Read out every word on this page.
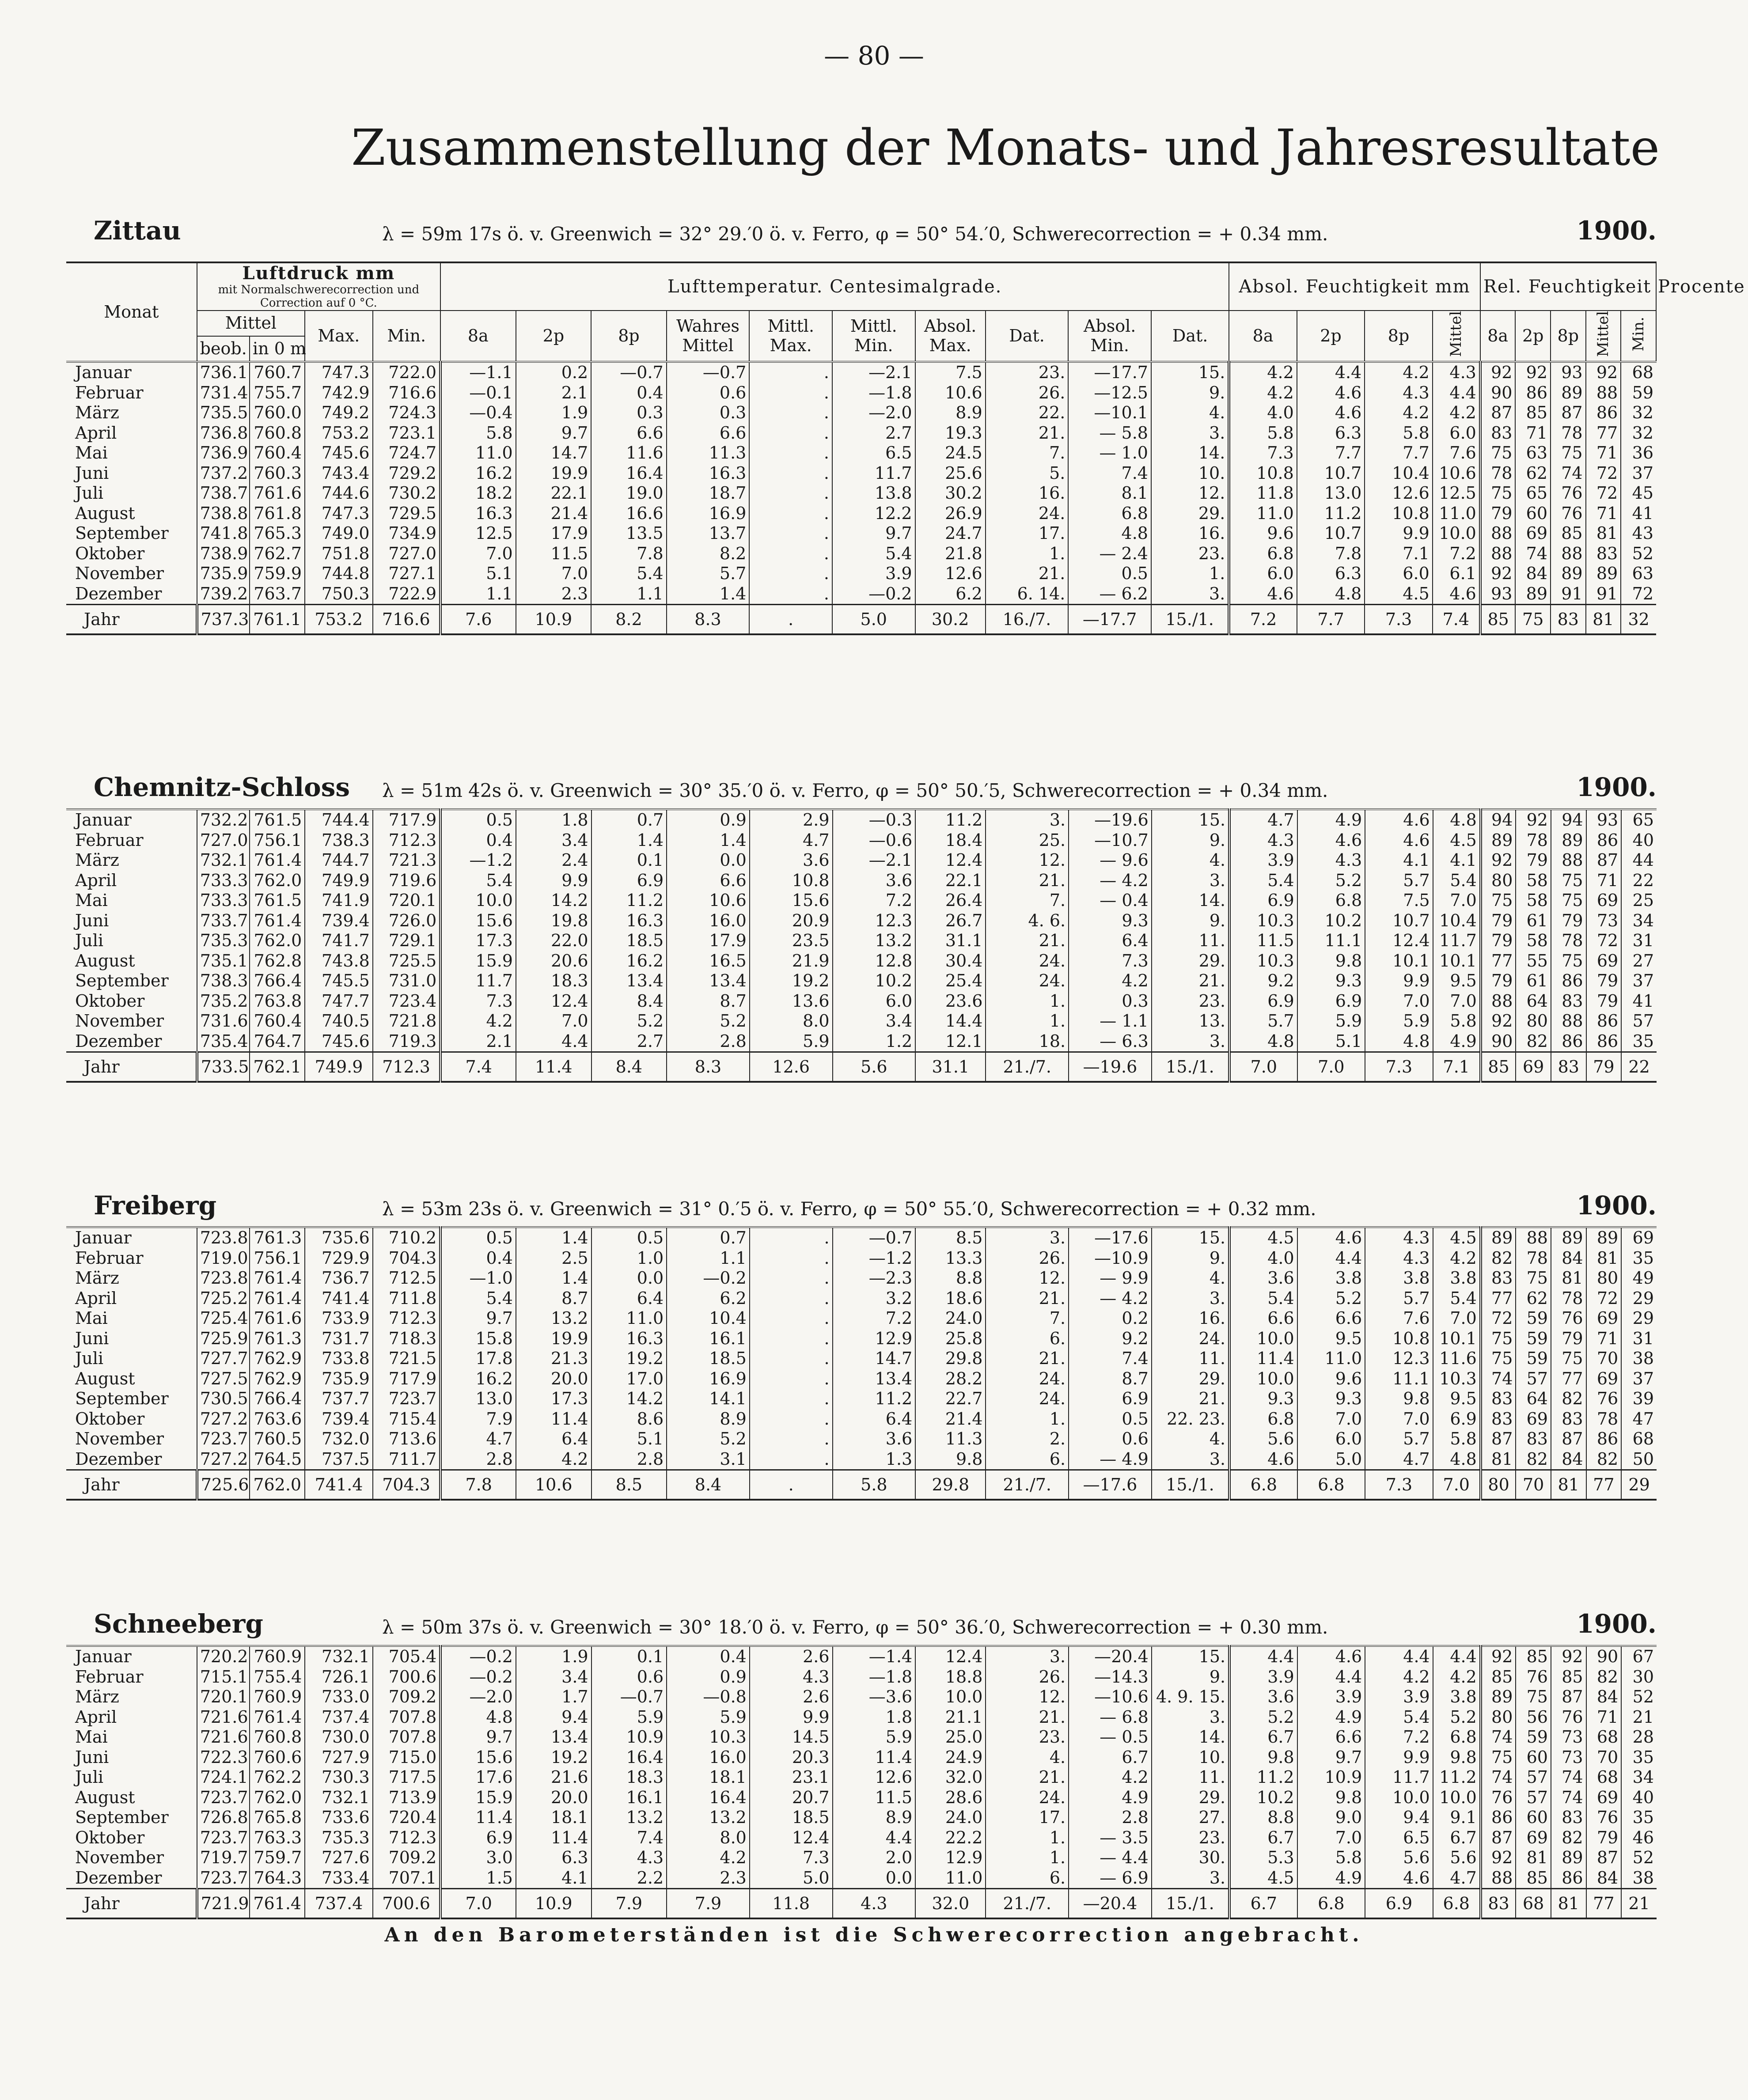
— 80 —
Zusammenstellung der Monats- und Jahresresultate
Zittau	λ = 59m 17s ö. v. Greenwich = 32° 29.′0 ö. v. Ferro, φ = 50° 54.′0, Schwerecorrection = + 0.34 mm.	1900.
Monat	Luftdruck mm
mit Normalschwerecorrection und
Correction auf 0 °C.				Lufttemperatur. Centesimalgrade.										Absol. Feuchtigkeit mm				Rel. Feuchtigkeit Procente				
	Mittel		Max.	Min.	8a	2p	8p	Wahres Mittel	Mittl. Max.	Mittl. Min.	Absol. Max.	Dat.	Absol. Min.	Dat.	8a	2p	8p	Mittel	8a	2p	8p	Mittel	Min.
	beob.	in 0 m																					
Januar	736.1	760.7	747.3	722.0	—1.1	0.2	—0.7	—0.7	.	—2.1	7.5	23.	—17.7	15.	4.2	4.4	4.2	4.3	92	92	93	92	68
Februar	731.4	755.7	742.9	716.6	—0.1	2.1	0.4	0.6	.	—1.8	10.6	26.	—12.5	9.	4.2	4.6	4.3	4.4	90	86	89	88	59
März	735.5	760.0	749.2	724.3	—0.4	1.9	0.3	0.3	.	—2.0	8.9	22.	—10.1	4.	4.0	4.6	4.2	4.2	87	85	87	86	32
April	736.8	760.8	753.2	723.1	5.8	9.7	6.6	6.6	.	2.7	19.3	21.	— 5.8	3.	5.8	6.3	5.8	6.0	83	71	78	77	32
Mai	736.9	760.4	745.6	724.7	11.0	14.7	11.6	11.3	.	6.5	24.5	7.	— 1.0	14.	7.3	7.7	7.7	7.6	75	63	75	71	36
Juni	737.2	760.3	743.4	729.2	16.2	19.9	16.4	16.3	.	11.7	25.6	5.	7.4	10.	10.8	10.7	10.4	10.6	78	62	74	72	37
Juli	738.7	761.6	744.6	730.2	18.2	22.1	19.0	18.7	.	13.8	30.2	16.	8.1	12.	11.8	13.0	12.6	12.5	75	65	76	72	45
August	738.8	761.8	747.3	729.5	16.3	21.4	16.6	16.9	.	12.2	26.9	24.	6.8	29.	11.0	11.2	10.8	11.0	79	60	76	71	41
September	741.8	765.3	749.0	734.9	12.5	17.9	13.5	13.7	.	9.7	24.7	17.	4.8	16.	9.6	10.7	9.9	10.0	88	69	85	81	43
Oktober	738.9	762.7	751.8	727.0	7.0	11.5	7.8	8.2	.	5.4	21.8	1.	— 2.4	23.	6.8	7.8	7.1	7.2	88	74	88	83	52
November	735.9	759.9	744.8	727.1	5.1	7.0	5.4	5.7	.	3.9	12.6	21.	0.5	1.	6.0	6.3	6.0	6.1	92	84	89	89	63
Dezember	739.2	763.7	750.3	722.9	1.1	2.3	1.1	1.4	.	—0.2	6.2	6. 14.	— 6.2	3.	4.6	4.8	4.5	4.6	93	89	91	91	72
Jahr	737.3	761.1	753.2	716.6	7.6	10.9	8.2	8.3	.	5.0	30.2	16./7.	—17.7	15./1.	7.2	7.7	7.3	7.4	85	75	83	81	32
Chemnitz-Schloss λ = 51m 42s ö. v. Greenwich = 30° 35.′0 ö. v. Ferro, φ = 50° 50.′5, Schwerecorrection = + 0.34 mm.	1900.
Januar	732.2	761.5	744.4	717.9	0.5	1.8	0.7	0.9	2.9	—0.3	11.2	3.	—19.6	15.	4.7	4.9	4.6	4.8	94	92	94	93	65
Februar	727.0	756.1	738.3	712.3	0.4	3.4	1.4	1.4	4.7	—0.6	18.4	25.	—10.7	9.	4.3	4.6	4.6	4.5	89	78	89	86	40
März	732.1	761.4	744.7	721.3	—1.2	2.4	0.1	0.0	3.6	—2.1	12.4	12.	— 9.6	4.	3.9	4.3	4.1	4.1	92	79	88	87	44
April	733.3	762.0	749.9	719.6	5.4	9.9	6.9	6.6	10.8	3.6	22.1	21.	— 4.2	3.	5.4	5.2	5.7	5.4	80	58	75	71	22
Mai	733.3	761.5	741.9	720.1	10.0	14.2	11.2	10.6	15.6	7.2	26.4	7.	— 0.4	14.	6.9	6.8	7.5	7.0	75	58	75	69	25
Juni	733.7	761.4	739.4	726.0	15.6	19.8	16.3	16.0	20.9	12.3	26.7	4. 6.	9.3	9.	10.3	10.2	10.7	10.4	79	61	79	73	34
Juli	735.3	762.0	741.7	729.1	17.3	22.0	18.5	17.9	23.5	13.2	31.1	21.	6.4	11.	11.5	11.1	12.4	11.7	79	58	78	72	31
August	735.1	762.8	743.8	725.5	15.9	20.6	16.2	16.5	21.9	12.8	30.4	24.	7.3	29.	10.3	9.8	10.1	10.1	77	55	75	69	27
September	738.3	766.4	745.5	731.0	11.7	18.3	13.4	13.4	19.2	10.2	25.4	24.	4.2	21.	9.2	9.3	9.9	9.5	79	61	86	79	37
Oktober	735.2	763.8	747.7	723.4	7.3	12.4	8.4	8.7	13.6	6.0	23.6	1.	0.3	23.	6.9	6.9	7.0	7.0	88	64	83	79	41
November	731.6	760.4	740.5	721.8	4.2	7.0	5.2	5.2	8.0	3.4	14.4	1.	— 1.1	13.	5.7	5.9	5.9	5.8	92	80	88	86	57
Dezember	735.4	764.7	745.6	719.3	2.1	4.4	2.7	2.8	5.9	1.2	12.1	18.	— 6.3	3.	4.8	5.1	4.8	4.9	90	82	86	86	35
Jahr	733.5	762.1	749.9	712.3	7.4	11.4	8.4	8.3	12.6	5.6	31.1	21./7.	—19.6	15./1.	7.0	7.0	7.3	7.1	85	69	83	79	22
Freiberg	λ = 53m 23s ö. v. Greenwich = 31° 0.′5 ö. v. Ferro, φ = 50° 55.′0, Schwerecorrection = + 0.32 mm.	1900.
Januar	723.8	761.3	735.6	710.2	0.5	1.4	0.5	0.7	.	—0.7	8.5	3.	—17.6	15.	4.5	4.6	4.3	4.5	89	88	89	89	69
Februar	719.0	756.1	729.9	704.3	0.4	2.5	1.0	1.1	.	—1.2	13.3	26.	—10.9	9.	4.0	4.4	4.3	4.2	82	78	84	81	35
März	723.8	761.4	736.7	712.5	—1.0	1.4	0.0	—0.2	.	—2.3	8.8	12.	— 9.9	4.	3.6	3.8	3.8	3.8	83	75	81	80	49
April	725.2	761.4	741.4	711.8	5.4	8.7	6.4	6.2	.	3.2	18.6	21.	— 4.2	3.	5.4	5.2	5.7	5.4	77	62	78	72	29
Mai	725.4	761.6	733.9	712.3	9.7	13.2	11.0	10.4	.	7.2	24.0	7.	0.2	16.	6.6	6.6	7.6	7.0	72	59	76	69	29
Juni	725.9	761.3	731.7	718.3	15.8	19.9	16.3	16.1	.	12.9	25.8	6.	9.2	24.	10.0	9.5	10.8	10.1	75	59	79	71	31
Juli	727.7	762.9	733.8	721.5	17.8	21.3	19.2	18.5	.	14.7	29.8	21.	7.4	11.	11.4	11.0	12.3	11.6	75	59	75	70	38
August	727.5	762.9	735.9	717.9	16.2	20.0	17.0	16.9	.	13.4	28.2	24.	8.7	29.	10.0	9.6	11.1	10.3	74	57	77	69	37
September	730.5	766.4	737.7	723.7	13.0	17.3	14.2	14.1	.	11.2	22.7	24.	6.9	21.	9.3	9.3	9.8	9.5	83	64	82	76	39
Oktober	727.2	763.6	739.4	715.4	7.9	11.4	8.6	8.9	.	6.4	21.4	1.	0.5	22. 23.	6.8	7.0	7.0	6.9	83	69	83	78	47
November	723.7	760.5	732.0	713.6	4.7	6.4	5.1	5.2	.	3.6	11.3	2.	0.6	4.	5.6	6.0	5.7	5.8	87	83	87	86	68
Dezember	727.2	764.5	737.5	711.7	2.8	4.2	2.8	3.1	.	1.3	9.8	6.	— 4.9	3.	4.6	5.0	4.7	4.8	81	82	84	82	50
Jahr	725.6	762.0	741.4	704.3	7.8	10.6	8.5	8.4	.	5.8	29.8	21./7.	—17.6	15./1.	6.8	6.8	7.3	7.0	80	70	81	77	29
Schneeberg	λ = 50m 37s ö. v. Greenwich = 30° 18.′0 ö. v. Ferro, φ = 50° 36.′0, Schwerecorrection = + 0.30 mm.	1900.
Januar	720.2	760.9	732.1	705.4	—0.2	1.9	0.1	0.4	2.6	—1.4	12.4	3.	—20.4	15.	4.4	4.6	4.4	4.4	92	85	92	90	67
Februar	715.1	755.4	726.1	700.6	—0.2	3.4	0.6	0.9	4.3	—1.8	18.8	26.	—14.3	9.	3.9	4.4	4.2	4.2	85	76	85	82	30
März	720.1	760.9	733.0	709.2	—2.0	1.7	—0.7	—0.8	2.6	—3.6	10.0	12.	—10.6	4. 9. 15.	3.6	3.9	3.9	3.8	89	75	87	84	52
April	721.6	761.4	737.4	707.8	4.8	9.4	5.9	5.9	9.9	1.8	21.1	21.	— 6.8	3.	5.2	4.9	5.4	5.2	80	56	76	71	21
Mai	721.6	760.8	730.0	707.8	9.7	13.4	10.9	10.3	14.5	5.9	25.0	23.	— 0.5	14.	6.7	6.6	7.2	6.8	74	59	73	68	28
Juni	722.3	760.6	727.9	715.0	15.6	19.2	16.4	16.0	20.3	11.4	24.9	4.	6.7	10.	9.8	9.7	9.9	9.8	75	60	73	70	35
Juli	724.1	762.2	730.3	717.5	17.6	21.6	18.3	18.1	23.1	12.6	32.0	21.	4.2	11.	11.2	10.9	11.7	11.2	74	57	74	68	34
August	723.7	762.0	732.1	713.9	15.9	20.0	16.1	16.4	20.7	11.5	28.6	24.	4.9	29.	10.2	9.8	10.0	10.0	76	57	74	69	40
September	726.8	765.8	733.6	720.4	11.4	18.1	13.2	13.2	18.5	8.9	24.0	17.	2.8	27.	8.8	9.0	9.4	9.1	86	60	83	76	35
Oktober	723.7	763.3	735.3	712.3	6.9	11.4	7.4	8.0	12.4	4.4	22.2	1.	— 3.5	23.	6.7	7.0	6.5	6.7	87	69	82	79	46
November	719.7	759.7	727.6	709.2	3.0	6.3	4.3	4.2	7.3	2.0	12.9	1.	— 4.4	30.	5.3	5.8	5.6	5.6	92	81	89	87	52
Dezember	723.7	764.3	733.4	707.1	1.5	4.1	2.2	2.3	5.0	0.0	11.0	6.	— 6.9	3.	4.5	4.9	4.6	4.7	88	85	86	84	38
Jahr	721.9	761.4	737.4	700.6	7.0	10.9	7.9	7.9	11.8	4.3	32.0	21./7.	—20.4	15./1.	6.7	6.8	6.9	6.8	83	68	81	77	21
An den Barometerständen ist die Schwerecorrection angebracht.
